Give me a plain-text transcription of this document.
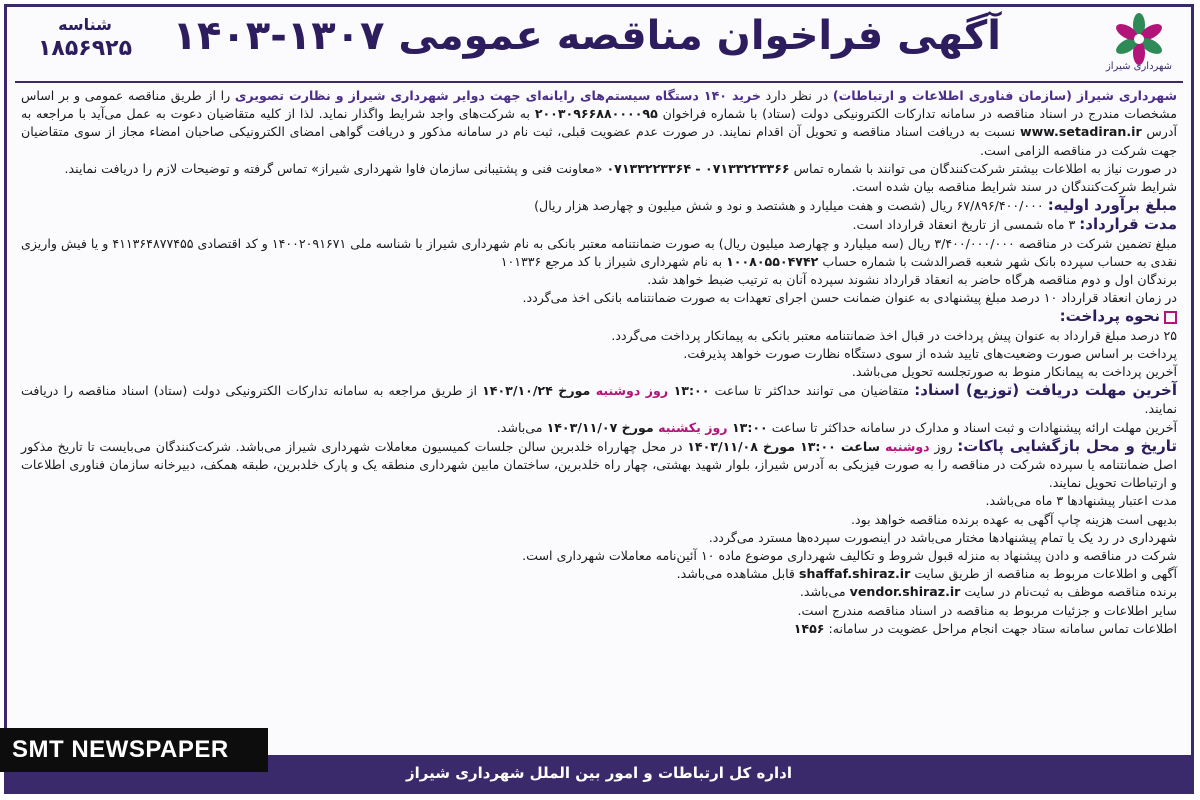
شناسه
۱۸۵۶۹۲۵	آگهی فراخوان مناقصه عمومی ۱۳۰۷-۱۴۰۳
شهرداری شیراز

شهرداری شیراز (سازمان فناوری اطلاعات و ارتباطات) در نظر دارد خرید ۱۴۰ دستگاه سیستم‌های رایانه‌ای جهت دوایر شهرداری شیراز و نظارت تصویری را از طریق مناقصه عمومی و بر اساس مشخصات مندرج در اسناد مناقصه در سامانه تدارکات الکترونیکی دولت (ستاد) با شماره فراخوان ۲۰۰۳۰۹۶۶۸۸۰۰۰۰۹۵ به شرکت‌های واجد شرایط واگذار نماید. لذا از کلیه متقاضیان دعوت به عمل می‌آید با مراجعه به آدرس www.setadiran.ir نسبت به دریافت اسناد مناقصه و تحویل آن اقدام نمایند. در صورت عدم عضویت قبلی، ثبت نام در سامانه مذکور و دریافت گواهی امضای الکترونیکی صاحبان امضاء مجاز از سوی متقاضیان جهت شرکت در مناقصه الزامی است.

در صورت نیاز به اطلاعات بیشتر شرکت‌کنندگان می توانند با شماره تماس ۰۷۱۳۳۲۲۳۳۶۶ - ۰۷۱۳۳۲۲۳۳۶۴ «معاونت فنی و پشتیبانی سازمان فاوا شهرداری شیراز» تماس گرفته و توضیحات لازم را دریافت نمایند.

شرایط شرکت‌کنندگان در سند شرایط مناقصه بیان شده است.

مبلغ برآورد اولیه: ۶۷/۸۹۶/۴۰۰/۰۰۰ ریال (شصت و هفت میلیارد و هشتصد و نود و شش میلیون و چهارصد هزار ریال)

مدت قرارداد: ۳ ماه شمسی از تاریخ انعقاد قرارداد است.

مبلغ تضمین شرکت در مناقصه ۳/۴۰۰/۰۰۰/۰۰۰ ریال (سه میلیارد و چهارصد میلیون ریال) به صورت ضمانتنامه معتبر بانکی به نام شهرداری شیراز با شناسه ملی ۱۴۰۰۲۰۹۱۶۷۱ و کد اقتصادی ۴۱۱۳۶۴۸۷۷۴۵۵ و یا فیش واریزی نقدی به حساب سپرده بانک شهر شعبه قصرالدشت با شماره حساب ۱۰۰۸۰۵۵۰۴۷۴۲ به نام شهرداری شیراز با کد مرجع ۱۰۱۳۳۶

برندگان اول و دوم مناقصه هرگاه حاضر به انعقاد قرارداد نشوند سپرده آنان به ترتیب ضبط خواهد شد.

در زمان انعقاد قرارداد ۱۰ درصد مبلغ پیشنهادی به عنوان ضمانت حسن اجرای تعهدات به صورت ضمانتنامه بانکی اخذ می‌گردد.

نحوه پرداخت:

۲۵ درصد مبلغ قرارداد به عنوان پیش پرداخت در قبال اخذ ضمانتنامه معتبر بانکی به پیمانکار پرداخت می‌گردد.

پرداخت بر اساس صورت وضعیت‌های تایید شده از سوی دستگاه نظارت صورت خواهد پذیرفت.

آخرین پرداخت به پیمانکار منوط به صورتجلسه تحویل می‌باشد.

آخرین مهلت دریافت (توزیع) اسناد: متقاضیان می توانند حداکثر تا ساعت ۱۳:۰۰ روز دوشنبه مورخ ۱۴۰۳/۱۰/۲۴ از طریق مراجعه به سامانه تدارکات الکترونیکی دولت (ستاد) اسناد مناقصه را دریافت نمایند.

آخرین مهلت ارائه پیشنهادات و ثبت اسناد و مدارک در سامانه حداکثر تا ساعت ۱۳:۰۰ روز یکشنبه مورخ ۱۴۰۳/۱۱/۰۷ می‌باشد.

تاریخ و محل بازگشایی پاکات: روز دوشنبه ساعت ۱۳:۰۰ مورخ ۱۴۰۳/۱۱/۰۸ در محل چهارراه خلدبرین سالن جلسات کمیسیون معاملات شهرداری شیراز می‌باشد. شرکت‌کنندگان می‌بایست تا تاریخ مذکور اصل ضمانتنامه یا سپرده شرکت در مناقصه را به صورت فیزیکی به آدرس شیراز، بلوار شهید بهشتی، چهار راه خلدبرین، ساختمان مابین شهرداری منطقه یک و پارک خلدبرین، طبقه همکف، دبیرخانه سازمان فناوری اطلاعات و ارتباطات تحویل نمایند.

مدت اعتبار پیشنهادها ۳ ماه می‌باشد.

بدیهی است هزینه چاپ آگهی به عهده برنده مناقصه خواهد بود.

شهرداری در رد یک یا تمام پیشنهادها مختار می‌باشد در اینصورت سپرده‌ها مسترد می‌گردد.

شرکت در مناقصه و دادن پیشنهاد به منزله قبول شروط و تکالیف شهرداری موضوع ماده ۱۰ آئین‌نامه معاملات شهرداری است.

آگهی و اطلاعات مربوط به مناقصه از طریق سایت shaffaf.shiraz.ir قابل مشاهده می‌باشد.

برنده مناقصه موظف به ثبت‌نام در سایت vendor.shiraz.ir می‌باشد.

سایر اطلاعات و جزئیات مربوط به مناقصه در اسناد مناقصه مندرج است.

اطلاعات تماس سامانه ستاد جهت انجام مراحل عضویت در سامانه: ۱۴۵۶

اداره کل ارتباطات و امور بین الملل شهرداری شیراز
SMT NEWSPAPER
